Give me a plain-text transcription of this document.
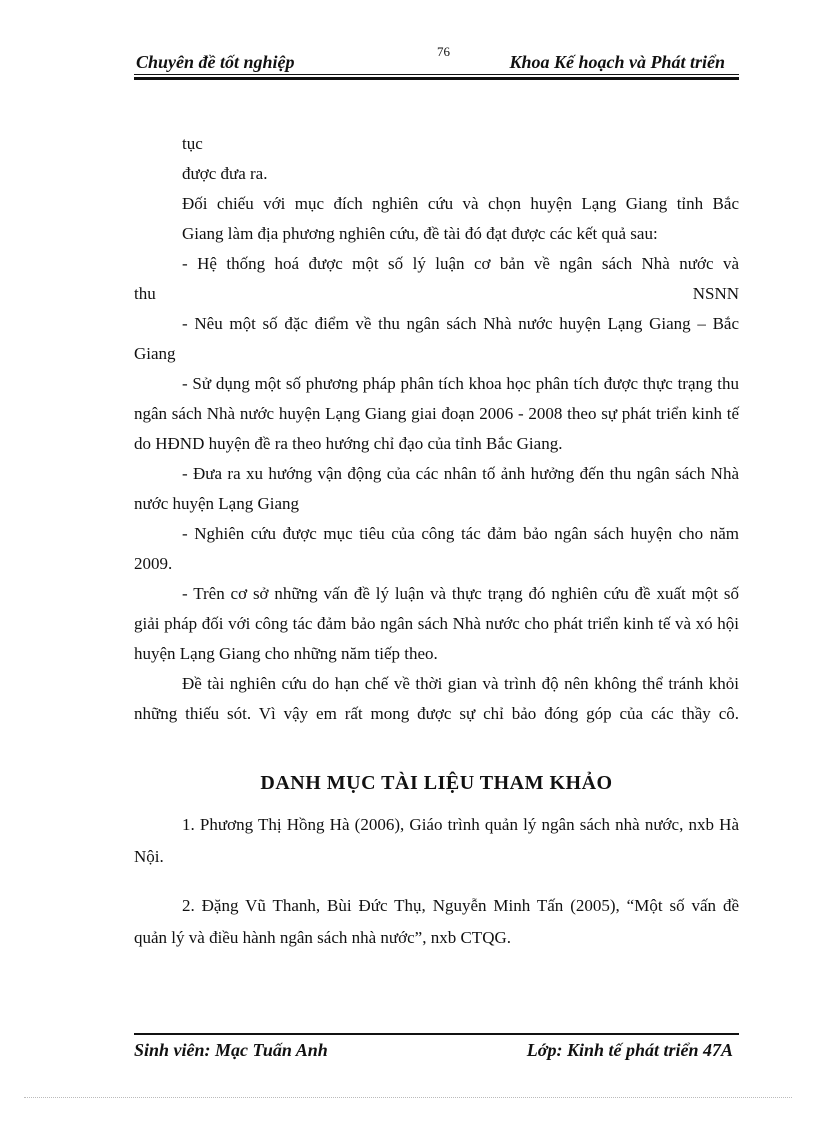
Chuyên đề tốt nghiệp
76
Khoa Kế hoạch và Phát triển

tục

được đưa ra.

Đối chiếu với mục đích nghiên cứu và chọn huyện Lạng Giang tỉnh Bắc
Giang làm địa phương nghiên cứu, đề tài đó đạt được các kết quả sau:

- Hệ thống hoá được một số lý luận cơ bản về ngân sách Nhà nước và

thu NSNN

- Nêu một số đặc điểm về thu ngân sách Nhà nước huyện Lạng Giang – Bắc Giang

- Sử dụng một số phương pháp phân tích khoa học phân tích được thực trạng thu ngân sách Nhà nước huyện Lạng Giang giai đoạn 2006 - 2008 theo sự phát triển kinh tế do HĐND huyện đề ra theo hướng chỉ đạo của tỉnh Bắc Giang.

- Đưa ra xu hướng vận động của các nhân tố ảnh hưởng đến thu ngân sách Nhà nước huyện Lạng Giang

- Nghiên cứu được mục tiêu của công tác đảm bảo ngân sách huyện cho năm 2009.

- Trên cơ sở những vấn đề lý luận và thực trạng đó nghiên cứu đề xuất một số giải pháp đối với công tác đảm bảo ngân sách Nhà nước cho phát triển kinh tế và xó hội huyện Lạng Giang cho những năm tiếp theo.

Đề tài nghiên cứu do hạn chế về thời gian và trình độ nên không thể tránh khỏi những thiếu sót. Vì vậy em rất mong được sự chỉ bảo đóng góp của các thầy cô.

DANH MỤC TÀI LIỆU THAM KHẢO

1. Phương Thị Hồng Hà (2006), Giáo trình quản lý ngân sách nhà nước, nxb Hà Nội.

2. Đặng Vũ Thanh, Bùi Đức Thụ, Nguyễn Minh Tấn (2005), “Một số vấn đề quản lý và điều hành ngân sách nhà nước”, nxb CTQG.

Sinh viên: Mạc Tuấn Anh	Lớp: Kinh tế phát triển 47A
